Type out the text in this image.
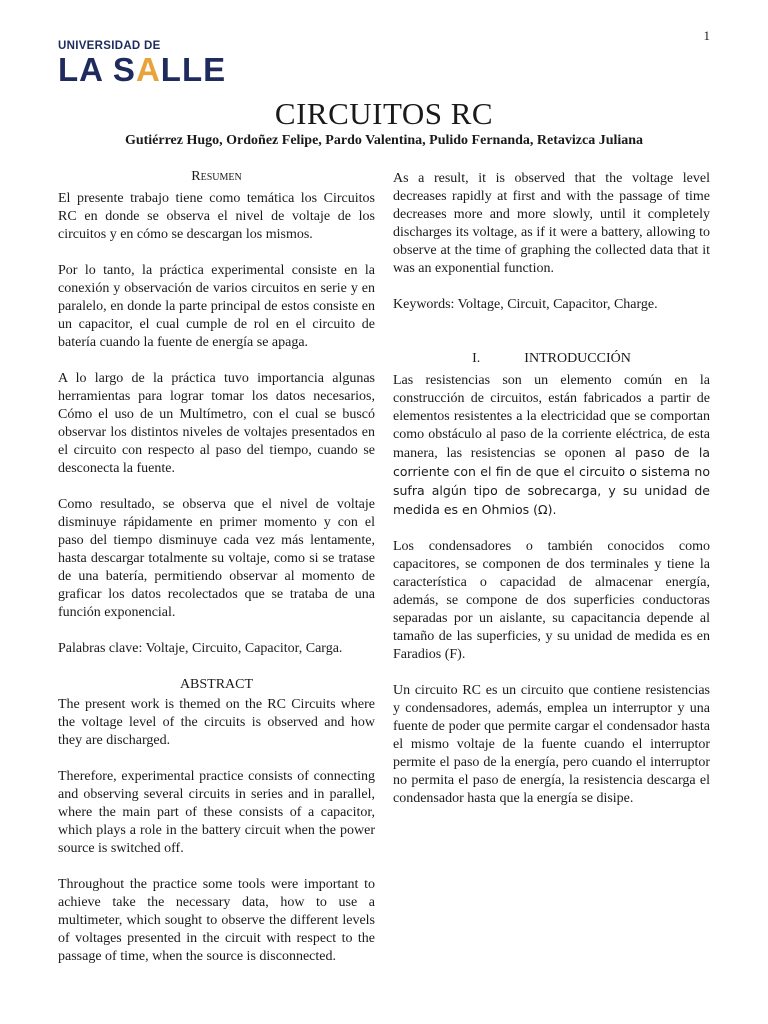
1
UNIVERSIDAD DE
LA SALLE
CIRCUITOS RC
Gutiérrez Hugo, Ordoñez Felipe, Pardo Valentina, Pulido Fernanda, Retavizca Juliana
Resumen

El presente trabajo tiene como temática los Circuitos RC en donde se observa el nivel de voltaje de los circuitos y en cómo se descargan los mismos.

Por lo tanto, la práctica experimental consiste en la conexión y observación de varios circuitos en serie y en paralelo, en donde la parte principal de estos consiste en un capacitor, el cual cumple de rol en el circuito de batería cuando la fuente de energía se apaga.

A lo largo de la práctica tuvo importancia algunas herramientas para lograr tomar los datos necesarios, Cómo el uso de un Multímetro, con el cual se buscó observar los distintos niveles de voltajes presentados en el circuito con respecto al paso del tiempo, cuando se desconecta la fuente.

Como resultado, se observa que el nivel de voltaje disminuye rápidamente en primer momento y con el paso del tiempo disminuye cada vez más lentamente, hasta descargar totalmente su voltaje, como si se tratase de una batería, permitiendo observar al momento de graficar los datos recolectados que se trataba de una función exponencial.

Palabras clave: Voltaje, Circuito, Capacitor, Carga.

ABSTRACT

The present work is themed on the RC Circuits where the voltage level of the circuits is observed and how they are discharged.

Therefore, experimental practice consists of connecting and observing several circuits in series and in parallel, where the main part of these consists of a capacitor, which plays a role in the battery circuit when the power source is switched off.

Throughout the practice some tools were important to achieve take the necessary data, how to use a multimeter, which sought to observe the different levels of voltages presented in the circuit with respect to the passage of time, when the source is disconnected.

As a result, it is observed that the voltage level decreases rapidly at first and with the passage of time decreases more and more slowly, until it completely discharges its voltage, as if it were a battery, allowing to observe at the time of graphing the collected data that it was an exponential function.

Keywords: Voltage, Circuit, Capacitor, Charge.

I.	INTRODUCCIÓN

Las resistencias son un elemento común en la construcción de circuitos, están fabricados a partir de elementos resistentes a la electricidad que se comportan como obstáculo al paso de la corriente eléctrica, de esta manera, las resistencias se oponen al paso de la corriente con el fin de que el circuito o sistema no sufra algún tipo de sobrecarga, y su unidad de medida es en Ohmios (Ω).

Los condensadores o también conocidos como capacitores, se componen de dos terminales y tiene la característica o capacidad de almacenar energía, además, se compone de dos superficies conductoras separadas por un aislante, su capacitancia depende al tamaño de las superficies, y su unidad de medida es en Faradios (F).

Un circuito RC es un circuito que contiene resistencias y condensadores, además, emplea un interruptor y una fuente de poder que permite cargar el condensador hasta el mismo voltaje de la fuente cuando el interruptor permite el paso de la energía, pero cuando el interruptor no permita el paso de energía, la resistencia descarga el condensador hasta que la energía se disipe.
